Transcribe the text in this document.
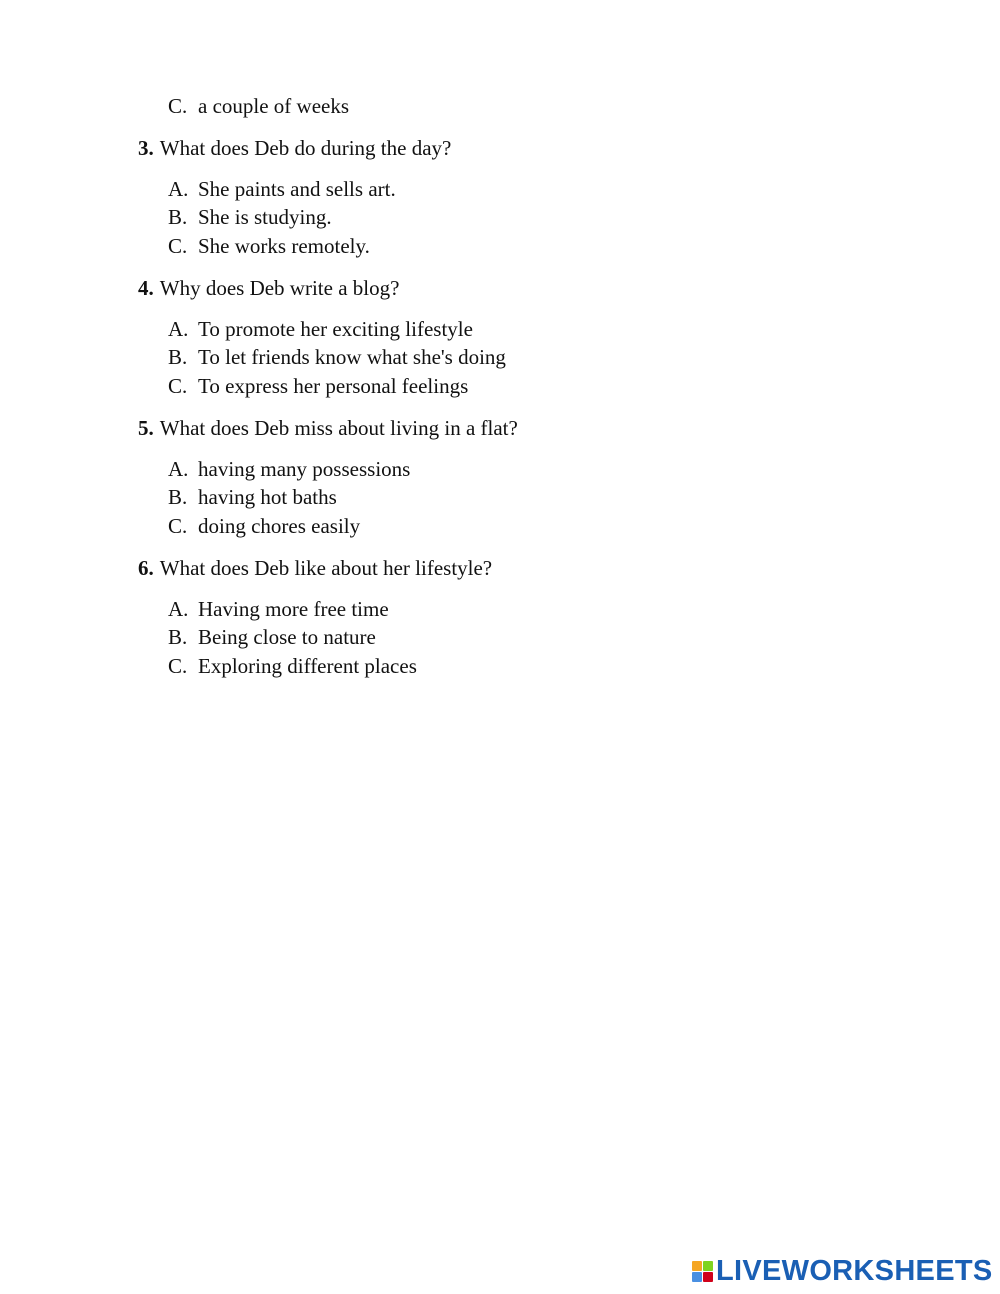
C. a couple of weeks
3. What does Deb do during the day?
A. She paints and sells art.
B. She is studying.
C. She works remotely.
4. Why does Deb write a blog?
A. To promote her exciting lifestyle
B. To let friends know what she's doing
C. To express her personal feelings
5. What does Deb miss about living in a flat?
A. having many possessions
B. having hot baths
C. doing chores easily
6. What does Deb like about her lifestyle?
A. Having more free time
B. Being close to nature
C. Exploring different places
LIVEWORKSHEETS
